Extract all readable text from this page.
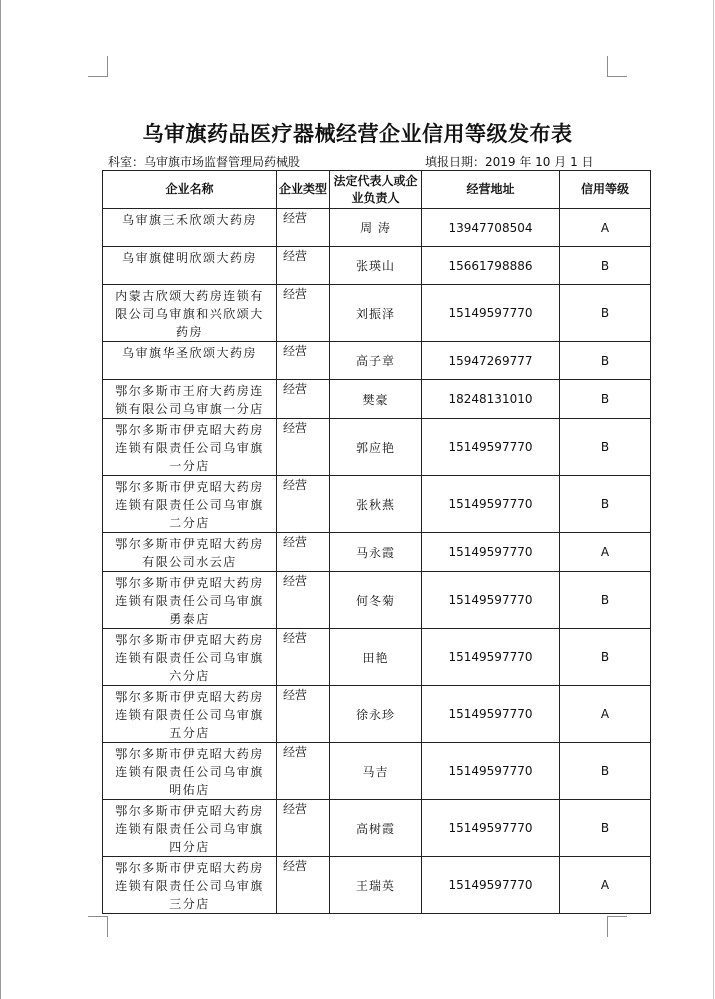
乌审旗药品医疗器械经营企业信用等级发布表
科室：乌审旗市场监督管理局药械股	填报日期：2019 年 10 月 1 日
企业名称	企业类型	法定代表人或企业负责人	经营地址	信用等级
乌审旗三禾欣颂大药房	经营	周 涛	13947708504	A
乌审旗健明欣颂大药房	经营	张瑛山	15661798886	B
内蒙古欣颂大药房连锁有限公司乌审旗和兴欣颂大药房	经营	刘振泽	15149597770	B
乌审旗华圣欣颂大药房	经营	高子章	15947269777	B
鄂尔多斯市王府大药房连锁有限公司乌审旗一分店	经营	樊豪	18248131010	B
鄂尔多斯市伊克昭大药房连锁有限责任公司乌审旗一分店	经营	郭应艳	15149597770	B
鄂尔多斯市伊克昭大药房连锁有限责任公司乌审旗二分店	经营	张秋燕	15149597770	B
鄂尔多斯市伊克昭大药房有限公司水云店	经营	马永霞	15149597770	A
鄂尔多斯市伊克昭大药房连锁有限责任公司乌审旗勇泰店	经营	何冬菊	15149597770	B
鄂尔多斯市伊克昭大药房连锁有限责任公司乌审旗六分店	经营	田艳	15149597770	B
鄂尔多斯市伊克昭大药房连锁有限责任公司乌审旗五分店	经营	徐永珍	15149597770	A
鄂尔多斯市伊克昭大药房连锁有限责任公司乌审旗明佑店	经营	马吉	15149597770	B
鄂尔多斯市伊克昭大药房连锁有限责任公司乌审旗四分店	经营	高树霞	15149597770	B
鄂尔多斯市伊克昭大药房连锁有限责任公司乌审旗三分店	经营	王瑞英	15149597770	A
